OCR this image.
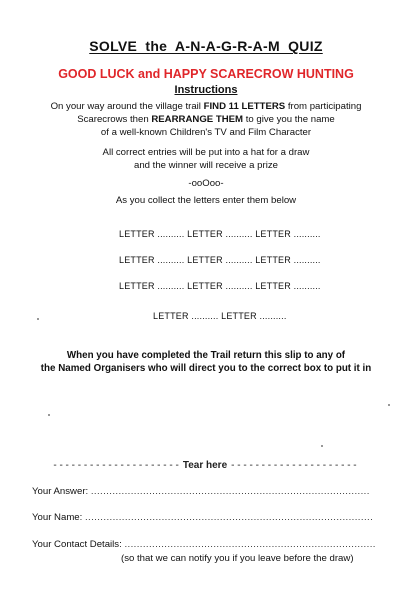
SOLVE the A-N-A-G-R-A-M QUIZ
GOOD LUCK and HAPPY SCARECROW HUNTING
Instructions
On your way around the village trail FIND 11 LETTERS from participating
Scarecrows then REARRANGE THEM to give you the name
of a well-known Children's TV and Film Character
All correct entries will be put into a hat for a draw
and the winner will receive a prize
-ooOoo-
As you collect the letters enter them below
LETTER .......... LETTER .......... LETTER ..........
LETTER .......... LETTER .......... LETTER ..........
LETTER .......... LETTER .......... LETTER ..........
LETTER .......... LETTER ..........
When you have completed the Trail return this slip to any of
the Named Organisers who will direct you to the correct box to put it in
- - - - - - - - - - - - - - - - - - - - - Tear here - - - - - - - - - - - - - - - - - - - - -
Your Answer: ...........................................................................................
Your Name: ..............................................................................................
Your Contact Details: ..................................................................................
(so that we can notify you if you leave before the draw)
